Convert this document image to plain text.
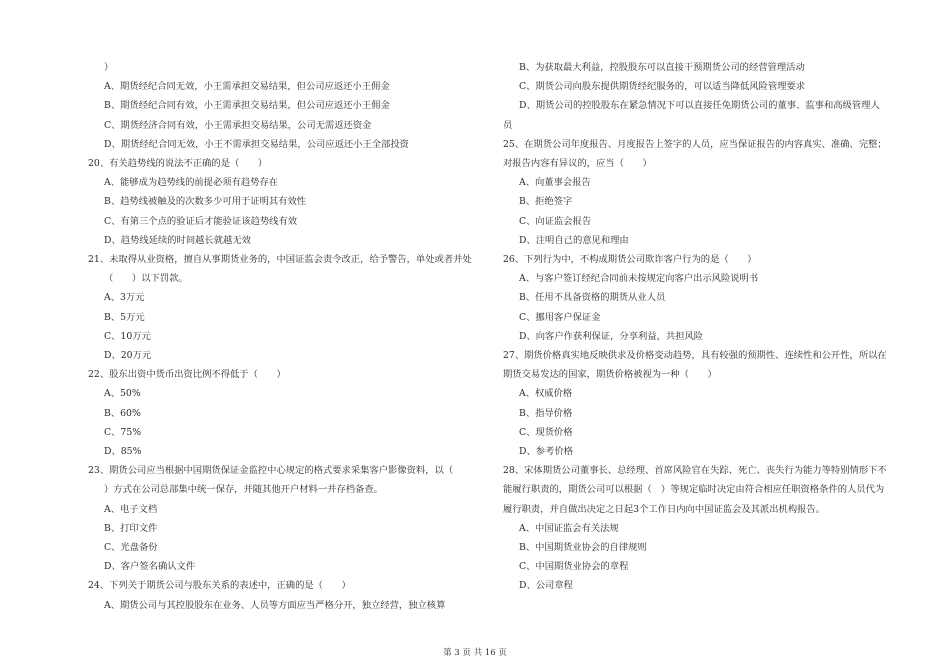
）
A、期货经纪合同无效，小王需承担交易结果，但公司应返还小王佣金
B、期货经纪合同有效，小王需承担交易结果，但公司应返还小王佣金
C、期货经济合同有效，小王需承担交易结果，公司无需返还资金
D、期货经纪合同无效，小王不需承担交易结果，公司应返还小王全部投资
20、有关趋势线的说法不正确的是（　　）
A、能够成为趋势线的前提必须有趋势存在
B、趋势线被触及的次数多少可用于证明其有效性
C、有第三个点的验证后才能验证该趋势线有效
D、趋势线延续的时间越长就越无效
21、未取得从业资格，擅自从事期货业务的，中国证监会责令改正，给予警告，单处或者并处
（　　）以下罚款。
A、3万元
B、5万元
C、10万元
D、20万元
22、股东出资中货币出资比例不得低于（　　）
A、50%
B、60%
C、75%
D、85%
23、期货公司应当根据中国期货保证金监控中心规定的格式要求采集客户影像资料，以（
）方式在公司总部集中统一保存，并随其他开户材料一并存档备查。
A、电子文档
B、打印文件
C、光盘备份
D、客户签名确认文件
24、下列关于期货公司与股东关系的表述中，正确的是（　　）
A、期货公司与其控股股东在业务、人员等方面应当严格分开，独立经营，独立核算
B、为获取最大利益，控股股东可以直接干预期货公司的经营管理活动
C、期货公司向股东提供期货经纪服务的，可以适当降低风险管理要求
D、期货公司的控股股东在紧急情况下可以直接任免期货公司的董事、监事和高级管理人
员
25、在期货公司年度报告、月度报告上签字的人员，应当保证报告的内容真实、准确、完整；
对报告内容有异议的，应当（　　）
A、向董事会报告
B、拒绝签字
C、向证监会报告
D、注明自己的意见和理由
26、下列行为中，不构成期货公司欺诈客户行为的是（　　）
A、与客户签订经纪合同前未按规定向客户出示风险说明书
B、任用不具备资格的期货从业人员
C、挪用客户保证金
D、向客户作获利保证，分享利益，共担风险
27、期货价格真实地反映供求及价格变动趋势，具有较强的预期性、连续性和公开性，所以在
期货交易发达的国家，期货价格被视为一种（　　）
A、权威价格
B、指导价格
C、现货价格
D、参考价格
28、宋体期货公司董事长、总经理、首席风险官在失踪、死亡、丧失行为能力等特别情形下不
能履行职责的，期货公司可以根据（　）等规定临时决定由符合相应任职资格条件的人员代为
履行职责，并自做出决定之日起3个工作日内向中国证监会及其派出机构报告。
A、中国证监会有关法规
B、中国期货业协会的自律规则
C、中国期货业协会的章程
D、公司章程
第 3 页 共 16 页
